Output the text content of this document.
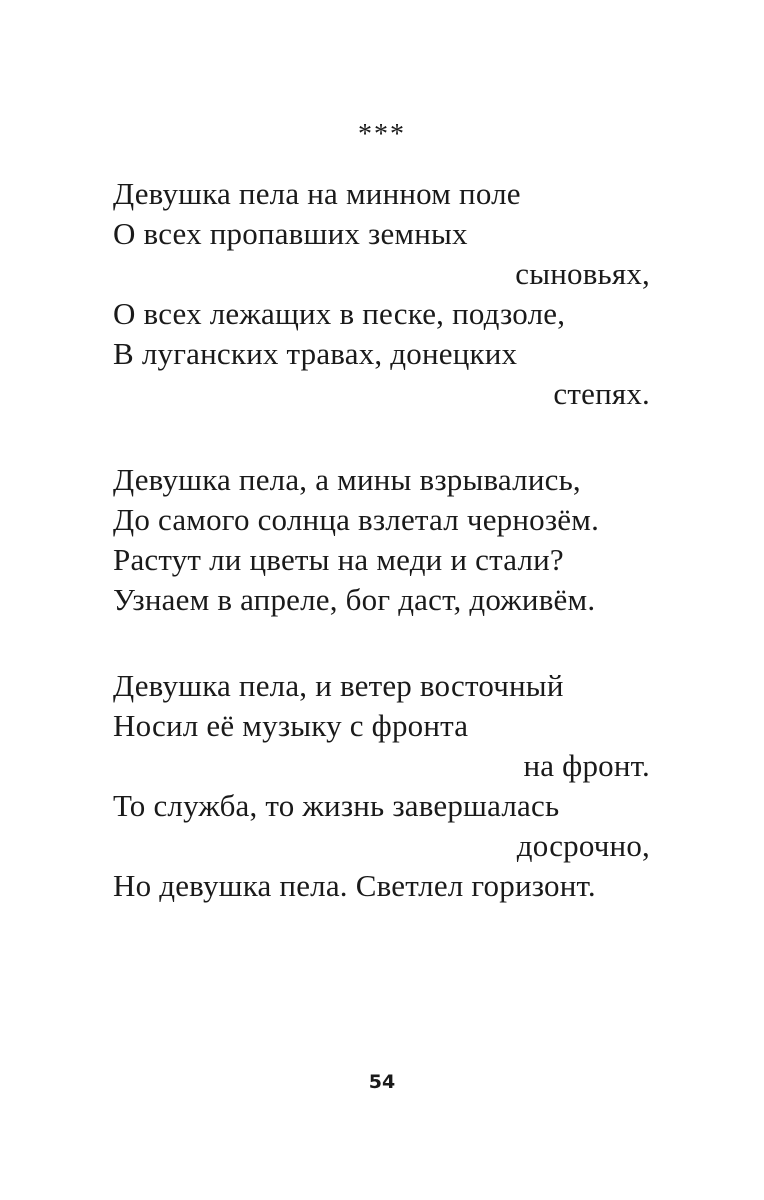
***
Девушка пела на минном поле
О всех пропавших земных
сыновьях,
О всех лежащих в песке, подзоле,
В луганских травах, донецких
степях.
Девушка пела, а мины взрывались,
До самого солнца взлетал чернозём.
Растут ли цветы на меди и стали?
Узнаем в апреле, бог даст, доживём.
Девушка пела, и ветер восточный
Носил её музыку с фронта
на фронт.
То служба, то жизнь завершалась
досрочно,
Но девушка пела. Светлел горизонт.
54
